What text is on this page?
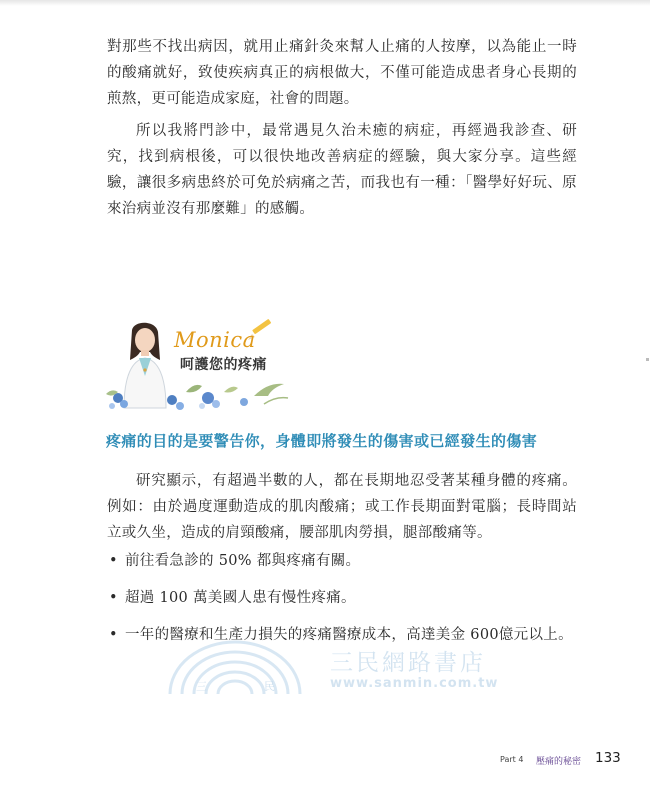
對那些不找出病因，就用止痛針灸來幫人止痛的人按摩，以為能止一時的酸痛就好，致使疾病真正的病根做大，不僅可能造成患者身心長期的煎熬，更可能造成家庭，社會的問題。

所以我將門診中，最常遇見久治未癒的病症，再經過我診查、研究，找到病根後，可以很快地改善病症的經驗，與大家分享。這些經驗，讓很多病患終於可免於病痛之苦，而我也有一種：「醫學好好玩、原來治病並沒有那麼難」的感觸。

Monica
呵護您的疼痛
疼痛的目的是要警告你，身體即將發生的傷害或已經發生的傷害

研究顯示，有超過半數的人，都在長期地忍受著某種身體的疼痛。例如：由於過度運動造成的肌肉酸痛；或工作長期面對電腦；長時間站立或久坐，造成的肩頸酸痛，腰部肌肉勞損，腿部酸痛等。

• 前往看急診的 50% 都與疼痛有關。
• 超過 100 萬美國人患有慢性疼痛。
• 一年的醫療和生產力損失的疼痛醫療成本，高達美金 600億元以上。
三	民
三民網路書店
www.sanmin.com.tw
Part 4 壓痛的秘密 133
